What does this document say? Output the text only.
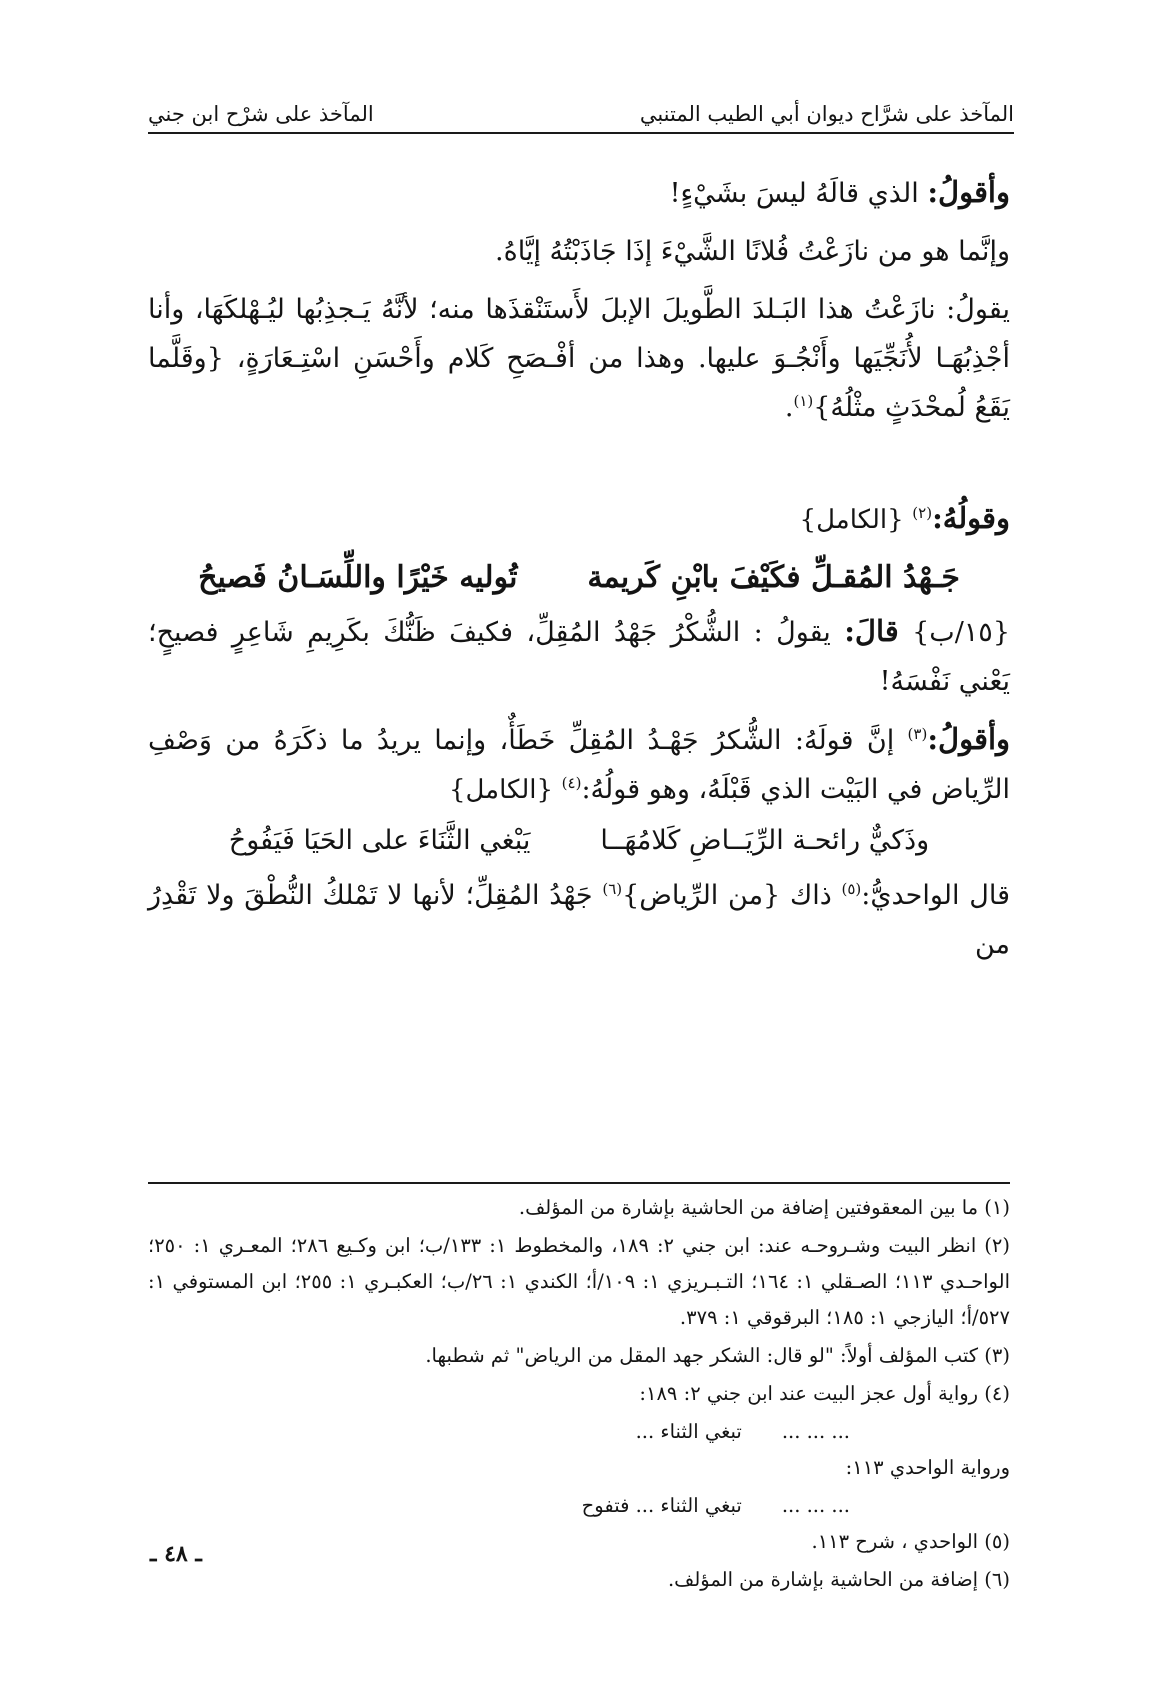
المآخذ على شرَّاح ديوان أبي الطيب المتنبي
المآخذ على شرْح ابن جني

وأقولُ: الذي قالَهُ ليسَ بشَيْءٍ!

وإنَّما هو من نازَعْتُ فُلانًا الشَّيْءَ إذَا جَاذَبْتُهُ إيَّاهُ.

يقولُ: نازَعْتُ هذا البَـلدَ الطَّويلَ الإبلَ لأَستَنْقذَها منه؛ لأنَّهُ يَـجذِبُها ليُـهْلكَهَا، وأنا أجْذِبُهَـا لأُنَجِّيَها وأَنْجُـوَ عليها. وهذا من أفْـصَحِ كَلام وأَحْسَنِ اسْتِـعَارَةٍ، {وقَلَّما يَقَعُ لُمحْدَثٍ مثْلُهُ}$^{(١)}$.

وقولُهُ:$^{(٢)}$ {الكامل}

جَـهْدُ المُقـلِّ فكَيْفَ بابْنِ كَريمة
تُوليه خَيْرًا واللِّسَـانُ فَصيحُ

{١٥/ب} قالَ: يقولُ : الشُّكْرُ جَهْدُ المُقِلِّ، فكيفَ ظَنُّكَ بكَرِيمِ شَاعِرٍ فصيحٍ؛ يَعْني نَفْسَهُ!

وأقولُ:$^{(٣)}$ إنَّ قولَهُ: الشُّكرُ جَهْـدُ المُقِلِّ خَطَأٌ، وإنما يريدُ ما ذكَرَهُ من وَصْفِ الرِّياض في البَيْت الذي قَبْلَهُ، وهو قولُهُ:$^{(٤)}$ {الكامل}

وذَكيٌّ رائحـة الرِّيَــاضِ كَلامُهَــا
يَبْغي الثَّنَاءَ على الحَيَا فَيَفُوحُ

قال الواحديُّ:$^{(٥)}$ ذاك {من الرِّياض}$^{(٦)}$ جَهْدُ المُقِلِّ؛ لأنها لا تَمْلكُ النُّطْقَ ولا تَقْدِرُ من

(١) ما بين المعقوفتين إضافة من الحاشية بإشارة من المؤلف.

(٢) انظر البيت وشـروحـه عند: ابن جني ٢: ١٨٩، والمخطوط ١: ١٣٣/ب؛ ابن وكـيع ٢٨٦؛ المعـري ١: ٢٥٠؛ الواحـدي ١١٣؛ الصـقلي ١: ١٦٤؛ التـبـريزي ١: ١٠٩/أ؛ الكندي ١: ٢٦/ب؛ العكبـري ١: ٢٥٥؛ ابن المستوفي ١: ٥٢٧/أ؛ اليازجي ١: ١٨٥؛ البرقوقي ١: ٣٧٩.

(٣) كتب المؤلف أولاً: "لو قال: الشكر جهد المقل من الرياض" ثم شطبها.

(٤) رواية أول عجز البيت عند ابن جني ٢: ١٨٩:

... ... ...
تبغي الثناء ...

ورواية الواحدي ١١٣:

... ... ...
تبغي الثناء ... فتفوح

(٥) الواحدي ، شرح ١١٣.

(٦) إضافة من الحاشية بإشارة من المؤلف.

ـ ٤٨ ـ
